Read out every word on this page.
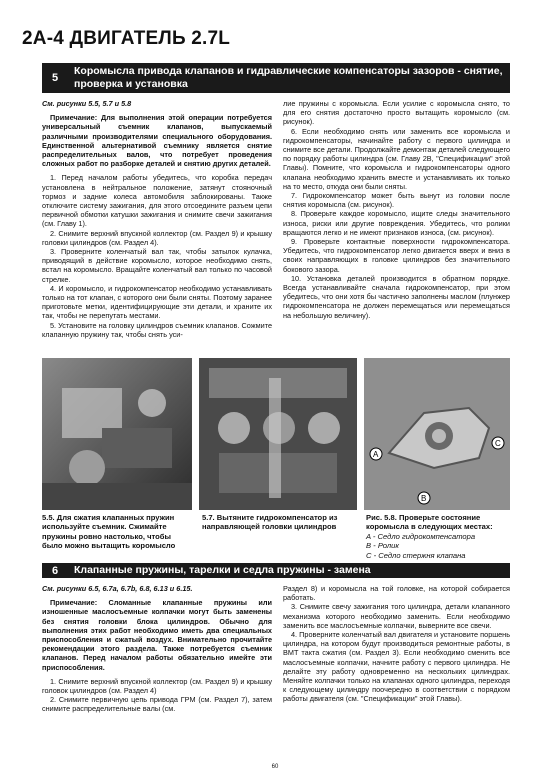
2A-4 ДВИГАТЕЛЬ 2.7L
5
Коромысла привода клапанов и гидравлические компенсаторы зазоров - снятие, проверка и установка

См. рисунки 5.5, 5.7 и 5.8

Примечание: Для выполнения этой операции потребуется универсальный съемник клапанов, выпускаемый различными производителями специального оборудования. Единственной альтернативой съемнику является снятие распределительных валов, что потребует проведения сложных работ по разборке деталей и снятию других деталей.

1. Перед началом работы убедитесь, что коробка передач установлена в нейтральное положение, затянут стояночный тормоз и задние колеса автомобиля заблокированы. Также отключите систему зажигания, для этого отсоедините разъем цепи первичной обмотки катушки зажигания и снимите свечи зажигания (см. Главу 1).

2. Снимите верхний впускной коллектор (см. Раздел 9) и крышку головки цилиндров (см. Раздел 4).

3. Проверните коленчатый вал так, чтобы затылок кулачка, приводящий в действие коромысло, которое необходимо снять, встал на коромысло. Вращайте коленчатый вал только по часовой стрелке.

4. И коромысло, и гидрокомпенсатор необходимо устанавливать только на тот клапан, с которого они были сняты. Поэтому заранее приготовьте метки, идентифицирующие эти детали, и храните их так, чтобы не перепутать местами.

5. Установите на головку цилиндров съемник клапанов. Сожмите клапанную пружину так, чтобы снять уси-

лие пружины с коромысла. Если усилие с коромысла снято, то для его снятия достаточно просто вытащить коромысло (см. рисунок).

6. Если необходимо снять или заменить все коромысла и гидрокомпенсаторы, начинайте работу с первого цилиндра и снимите все детали. Продолжайте демонтаж деталей следующего по порядку работы цилиндра (см. Главу 2B, "Спецификации" этой Главы). Помните, что коромысла и гидрокомпенсаторы одного клапана необходимо хранить вместе и устанавливать их только на то место, откуда они были сняты.

7. Гидрокомпенсатор может быть вынут из головки после снятия коромысла (см. рисунок).

8. Проверьте каждое коромысло, ищите следы значительного износа, риски или другие повреждения. Убедитесь, что ролики вращаются легко и не имеют признаков износа, (см. рисунок).

9. Проверьте контактные поверхности гидрокомпенсатора. Убедитесь, что гидрокомпенсатор легко двигается вверх и вниз в своих направляющих в головке цилиндров без значительного бокового зазора.

10. Установка деталей производится в обратном порядке. Всегда устанавливайте сначала гидрокомпенсатор, при этом убедитесь, что они хотя бы частично заполнены маслом (плунжер гидрокомпенсатора не должен перемещаться или перемещаться на небольшую величину).

A
B
C
5.5. Для сжатия клапанных пружин используйте съемник. Сжимайте пружины ровно настолько, чтобы было можно вытащить коромысло
5.7. Вытяните гидрокомпенсатор из направляющей головки цилиндров
Рис. 5.8. Проверьте состояние коромысла в следующих местах:
A - Седло гидрокомпенсатора
B - Ролик
C - Седло стержня клапана
6	Клапанные пружины, тарелки и седла пружины - замена

См. рисунки 6.5, 6.7a, 6.7b, 6.8, 6.13 и 6.15.

Примечание: Сломанные клапанные пружины или изношенные маслосъемные колпачки могут быть заменены без снятия головки блока цилиндров. Обычно для выполнения этих работ необходимо иметь два специальных приспособления и сжатый воздух. Внимательно прочитайте рекомендации этого раздела. Также потребуется съемник клапанов. Перед началом работы обязательно имейте эти приспособления.

1. Снимите верхний впускной коллектор (см. Раздел 9) и крышку головок цилиндров (см. Раздел 4)

2. Снимите первичную цепь привода ГРМ (см. Раздел 7), затем снимите распределительные валы (см.

Раздел 8) и коромысла на той головке, на которой собирается работать.

3. Снимите свечу зажигания того цилиндра, детали клапанного механизма которого необходимо заменить. Если необходимо заменить все маслосъемные колпачки, выверните все свечи.

4. Проверните коленчатый вал двигателя и установите поршень цилиндра, на котором будут производиться ремонтные работы, в ВМТ такта сжатия (см. Раздел 3). Если необходимо сменить все маслосъемные колпачки, начните работу с первого цилиндра. Не делайте эту работу одновременно на нескольких цилиндрах. Меняйте колпачки только на клапанах одного цилиндра, переходя к следующему цилиндру поочередно в соответствии с порядком работы двигателя (см. "Спецификации" этой Главы).

60
